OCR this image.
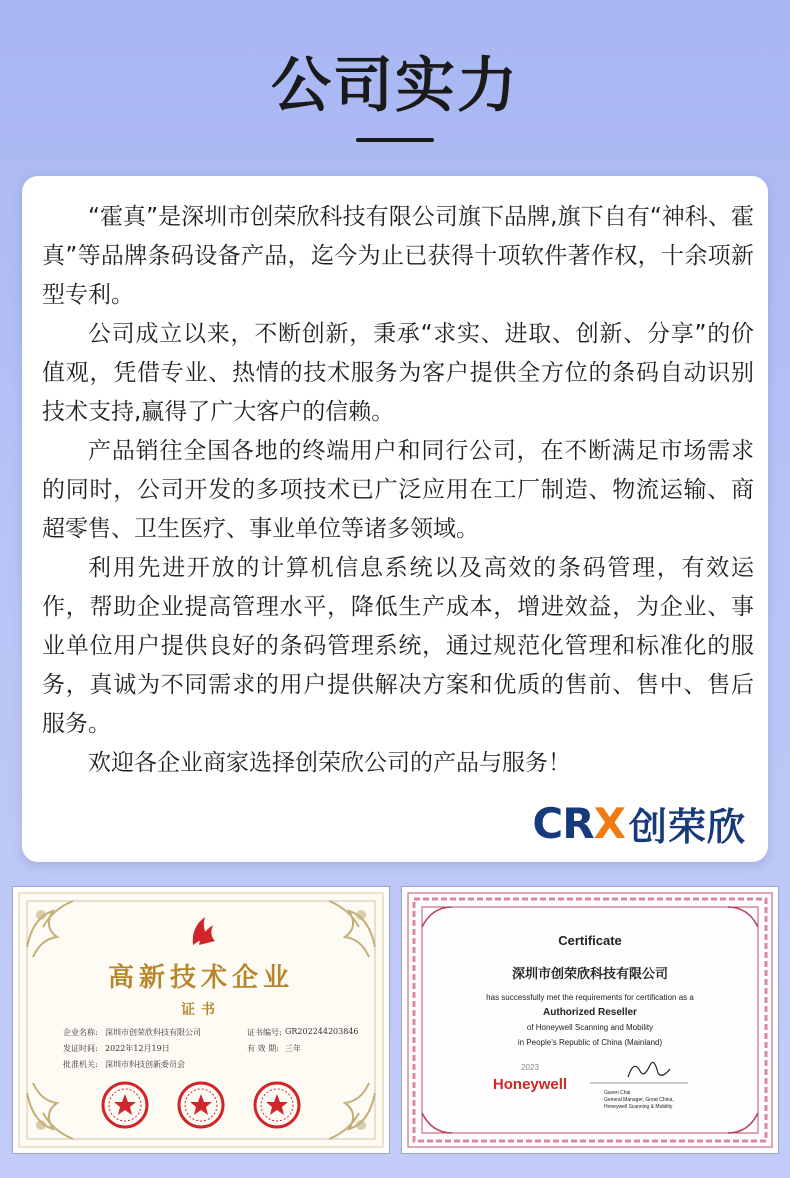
公司实力

“霍真”是深圳市创荣欣科技有限公司旗下品牌,旗下自有“神科、霍真”等品牌条码设备产品，迄今为止已获得十项软件著作权，十余项新型专利。

公司成立以来，不断创新，秉承“求实、进取、创新、分享”的价值观，凭借专业、热情的技术服务为客户提供全方位的条码自动识别技术支持,赢得了广大客户的信赖。

产品销往全国各地的终端用户和同行公司，在不断满足市场需求的同时，公司开发的多项技术已广泛应用在工厂制造、物流运输、商超零售、卫生医疗、事业单位等诸多领域。

利用先进开放的计算机信息系统以及高效的条码管理，有效运作，帮助企业提高管理水平，降低生产成本，增进效益，为企业、事业单位用户提供良好的条码管理系统，通过规范化管理和标准化的服务，真诚为不同需求的用户提供解决方案和优质的售前、售中、售后服务。

欢迎各企业商家选择创荣欣公司的产品与服务！

C R X 创荣欣
高新技术企业
证书
企业名称: 深圳市创荣欣科技有限公司	证书编号: GR202244203846
发证时间: 2022年12月19日	有 效 期: 三年
批准机关: 深圳市科技创新委员会
Certificate
深圳市创荣欣科技有限公司
has successfully met the requirements for certification as a
Authorized Reseller
of Honeywell Scanning and Mobility
in People's Republic of China (Mainland)
2023
Honeywell	Gaven Chai
General Manager, Great China,
Honeywell Scanning & Mobility
